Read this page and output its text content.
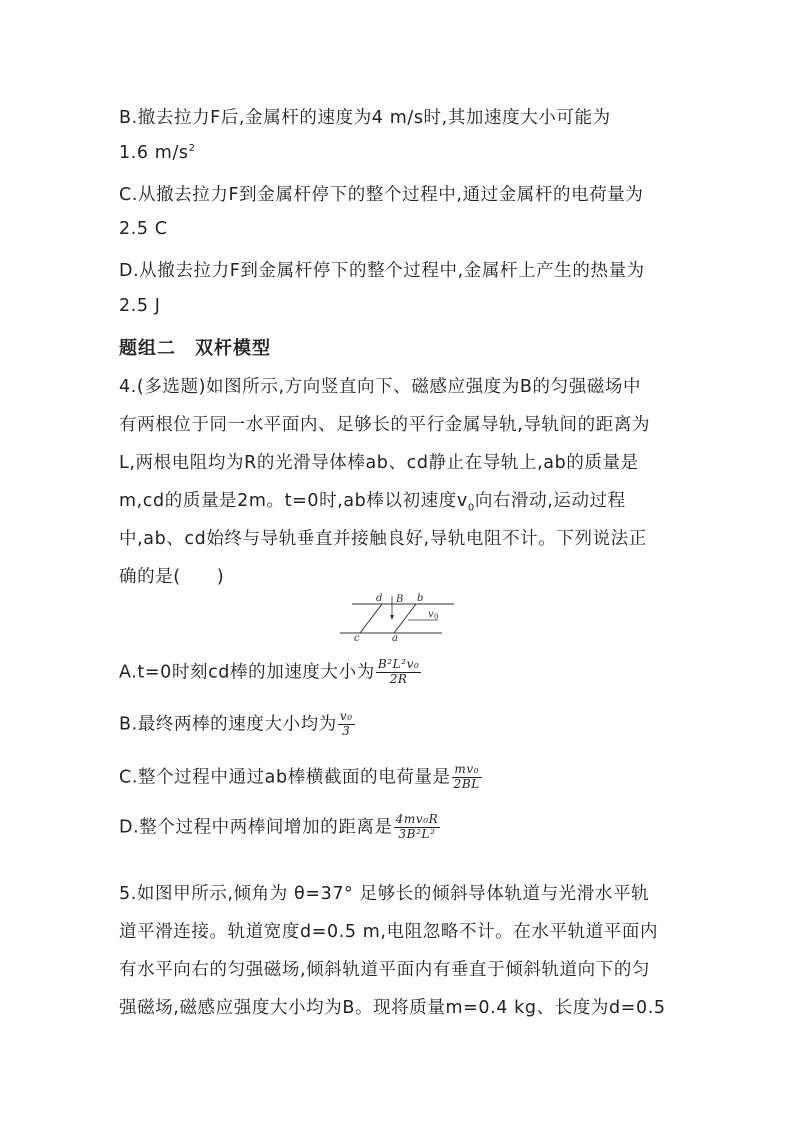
B.撤去拉力F后,金属杆的速度为4 m/s时,其加速度大小可能为
1.6 $m/s^2$
C.从撤去拉力F到金属杆停下的整个过程中,通过金属杆的电荷量为
2.5 C
D.从撤去拉力F到金属杆停下的整个过程中,金属杆上产生的热量为
2.5 J
题组二　双杆模型
4.(多选题)如图所示,方向竖直向下、磁感应强度为B的匀强磁场中
有两根位于同一水平面内、足够长的平行金属导轨,导轨间的距离为
L,两根电阻均为R的光滑导体棒ab、cd静止在导轨上,ab的质量是
m,cd的质量是2m。t=0时,ab棒以初速度$v_0$向右滑动,运动过程
中,ab、cd始终与导轨垂直并接触良好,导轨电阻不计。下列说法正
确的是(　　)
d B b
v 0
c	a
A.t=0时刻cd棒的加速度大小为 $\frac{\text{B²L²v₀}}{2R}$
B.最终两棒的速度大小均为 $\frac{\text{v₀}}{3}$
C.整个过程中通过ab棒横截面的电荷量是 $\frac{\text{mv₀}}{2BL}$
D.整个过程中两棒间增加的距离是 $\frac{\text{4mv₀R}}{\text{3B²L²}}$
5.如图甲所示,倾角为 θ=37° 足够长的倾斜导体轨道与光滑水平轨
道平滑连接。轨道宽度d=0.5 m,电阻忽略不计。在水平轨道平面内
有水平向右的匀强磁场,倾斜轨道平面内有垂直于倾斜轨道向下的匀
强磁场,磁感应强度大小均为B。现将质量m=0.4 kg、长度为d=0.5
